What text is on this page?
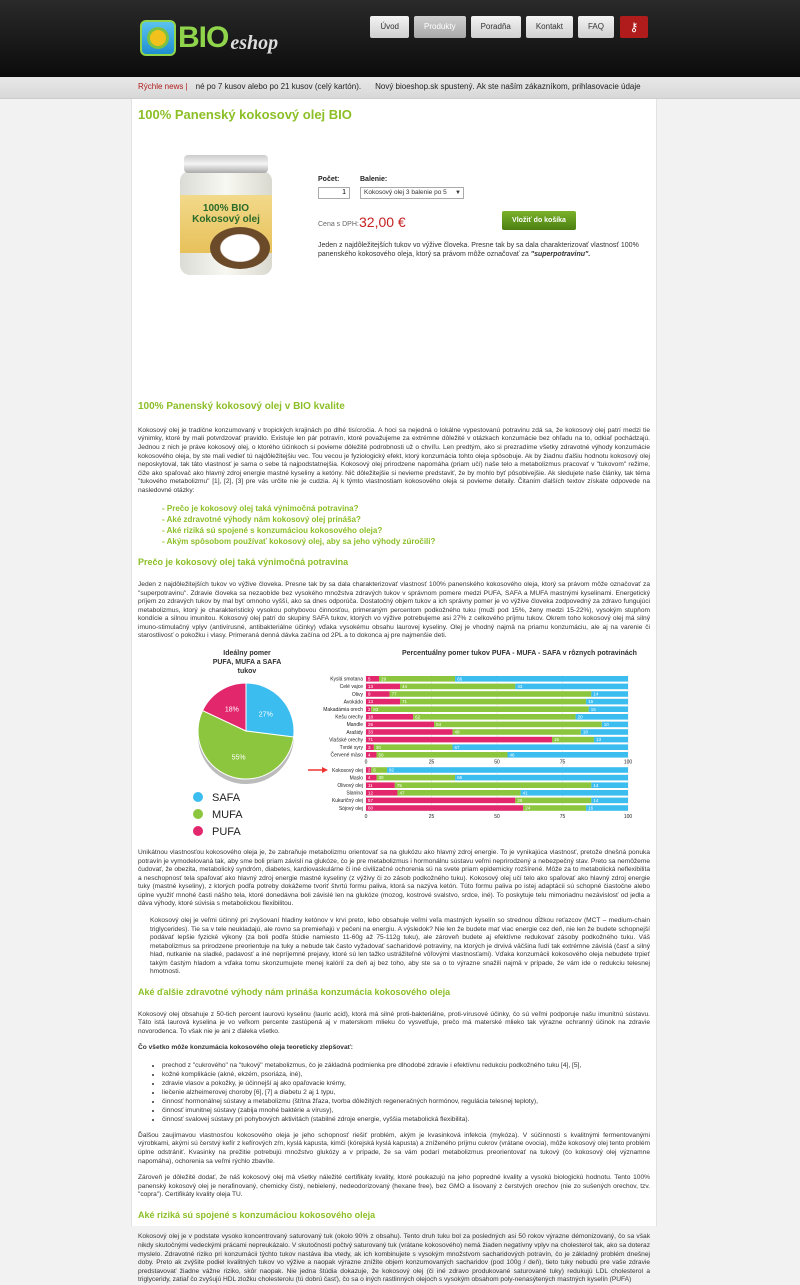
BIO eshop
Úvod	Produkty	Poradňa	Kontakt	FAQ	⚷
Rýchle news | né po 7 kusov alebo po 21 kusov (celý kartón). Nový bioeshop.sk spustený. Ak ste naším zákazníkom, prihlasovacie údaje
100% Panenský kokosový olej BIO
100% BIO Kokosový olej
Počet:
1	Balenie:
Kokosový olej 3 balenie po 5 ▼
Cena s DPH: 32,00 €	Vložiť do košíka

Jeden z najdôležitejších tukov vo výžive človeka. Presne tak by sa dala charakterizovať vlastnosť 100% panenského kokosového oleja, ktorý sa právom môže označovať za "superpotravinu".

100% Panenský kokosový olej v BIO kvalite

Kokosový olej je tradične konzumovaný v tropických krajinách po dlhé tisícročia. A hoci sa nejedná o lokálne vypestovanú potravinu zdá sa, že kokosový olej patrí medzi tie výnimky, ktoré by mali potvrdzovať pravidlo. Existuje len pár potravín, ktoré považujeme za extrémne dôležité v otázkach konzumácie bez ohľadu na to, odkiaľ pochádzajú. Jednou z nich je práve kokosový olej, o ktorého účinkoch si povieme dôležité podrobnosti už o chvíľu. Len predtým, ako si prezradíme všetky zdravotné výhody konzumácie kokosového oleja, by ste mali vedieť tú najdôležitejšiu vec. Tou vecou je fyziologický efekt, ktorý konzumácia tohto oleja spôsobuje. Ak by žiadnu ďalšiu hodnotu kokosový olej neposkytoval, tak táto vlastnosť je sama o sebe tá najpodstatnejšia. Kokosový olej prirodzene napomáha (priam učí) naše telo a metabolizmus pracovať v "tukovom" režime, čiže ako spaľovač ako hlavný zdroj energie mastné kyseliny a ketóny. Nič dôležitejšie si nevieme predstaviť, že by mohlo byť pôsobivejšie. Ak sledujete naše články, tak téma "tukového metabolizmu" [1], [2], [3] pre vás určite nie je cudzia. Aj k týmto vlastnostiam kokosového oleja si povieme detaily. Čitaním ďalších textov získate odpovede na nasledovné otázky:

- Prečo je kokosový olej taká výnimočná potravina?
- Aké zdravotné výhody nám kokosový olej prináša?
- Aké riziká sú spojené s konzumáciou kokosového oleja?
- Akým spôsobom používať kokosový olej, aby sa jeho výhody zúročili?
Prečo je kokosový olej taká výnimočná potravina

Jeden z najdôležitejších tukov vo výžive človeka. Presne tak by sa dala charakterizovať vlastnosť 100% panenského kokosového oleja, ktorý sa právom môže označovať za "superpotravinu". Zdravie človeka sa nezaobíde bez vysokého množstva zdravých tukov v správnom pomere medzi PUFA, SAFA a MUFA mastnými kyselinami. Energetický príjem zo zdravých tukov by mal byť omnoho vyšší, ako sa dnes odporúča. Dostatočný objem tukov a ich správny pomer je vo výžive človeka zodpovedný za zdravo fungujúci metabolizmus, ktorý je charakteristický vysokou pohybovou činnosťou, primeraným percentom podkožného tuku (muži pod 15%, ženy medzi 15-22%), vysokým stupňom kondície a silnou imunitou. Kokosový olej patrí do skupiny SAFA tukov, ktorých vo výžive potrebujeme asi 27% z celkového príjmu tukov. Okrem toho kokosový olej má silný imuno-stimulačný vplyv (antivírusné, antibakteriálne účinky) vďaka vysokému obsahu laurovej kyseliny. Olej je vhodný najmä na priamu konzumáciu, ale aj na varenie či starostlivosť o pokožku i vlasy. Primeraná denná dávka začína od 2PL a to dokonca aj pre najmenšie deti.

Ideálny pomer PUFA, MUFA a SAFA tukov
Percentuálny pomer tukov PUFA - MUFA - SAFA v rôznych potravinách
27%
55%
18%
SAFA
MUFA
PUFA
Kyslá smotana 5 29	66
Celé vajce 13	44	43
Olivy 9	77	14
Avokádo 13	71	16
Makadámia orech 2 83	15
Kešu orechy 18	62	20
Mandle 26	64	10
Arašidy 33	49	18
Vlašské orechy 71	16	13
Tvrdé syry 3 30	67
Červené mäso 4 50	46
Kokosový olej 2 6	92
Maslo 4 30	66
Olivový olej 11	75	14
Slanina 12	47	41
Kukuričný olej 57	29	14
Sójový olej 60	24	16
0	25	50	75	100
0	25	50	75	100

Unikátnou vlastnosťou kokosového oleja je, že zabraňuje metabolizmu orientovať sa na glukózu ako hlavný zdroj energie. To je vynikajúca vlastnosť, pretože dnešná ponuka potravín je vymodelovaná tak, aby sme boli priam závislí na glukóze, čo je pre metabolizmus i hormonálnu sústavu veľmi neprirodzený a nebezpečný stav. Preto sa nemôžeme čudovať, že obezita, metabolický syndróm, diabetes, kardiovaskulárne či iné civilizačné ochorenia sú na svete priam epidemicky rozšírené. Môže za to metabolická neflexibilita a neschopnosť tela spaľovať ako hlavný zdroj energie mastné kyseliny (z výživy či zo zásob podkožného tuku). Kokosový olej učí telo ako spaľovať ako hlavný zdroj energie tuky (mastné kyseliny), z ktorých podľa potreby dokážeme tvoriť štvrtú formu paliva, ktorá sa nazýva ketón. Túto formu paliva po istej adaptácii sú schopné čiastočne alebo úplne využiť mnohé časti nášho tela, ktoré donedávna boli závislé len na glukóze (mozog, kostrové svalstvo, srdce, iné). To poskytuje telu mimoriadnu nezávislosť od jedla a dáva výhody, ktoré súvisia s metabolickou flexibilitou.

Kokosový olej je veľmi účinný pri zvyšovaní hladiny ketónov v krvi preto, lebo obsahuje veľmi veľa mastných kyselín so strednou dĺžkou reťazcov (MCT – medium-chain triglycerides). Tie sa v tele neukladajú, ale rovno sa premieňajú v pečeni na energiu. A výsledok? Nie len že budete mať viac energie cez deň, nie len že budete schopnejší podávať lepšie fyzické výkony (za boli podľa štúdie namiesto 11-60g až 75-112g tuku), ale zároveň budete aj efektívne redukovať zásoby podkožného tuku. Váš metabolizmus sa prirodzene preorientuje na tuky a nebude tak často vyžadovať sacharidové potraviny, na ktorých je drvivá väčšina ľudí tak extrémne závislá (časť a silný hlad, nutkanie na sladké, padavosť a iné nepríjemné prejavy, ktoré sú len tažko ustrážiteľné vôľovými vlastnosťami). Vďaka konzumácii kokosového oleja nebudete trpieť takým častým hladom a vďaka tomu skonzumujete menej kalórií za deň aj bez toho, aby ste sa o to výrazne snažili najmä v prípade, že vám ide o redukciu telesnej hmotnosti.

Aké ďalšie zdravotné výhody nám prináša konzumácia kokosového oleja

Kokosový olej obsahuje z 50-tich percent laurovú kyselinu (lauric acid), ktorá má silné proti-bakteriálne, proti-vírusové účinky, čo sú veľmi podporuje našu imunitnú sústavu. Táto istá laurová kyselina je vo veľkom percente zastúpená aj v materskom mlieku čo vysvetľuje, prečo má materské mlieko tak výrazne ochranný účinok na zdravie novorodenca. To však nie je ani z ďaleka všetko.

Čo všetko môže konzumácia kokosového oleja teoreticky zlepšovať:

• prechod z "cukrového" na "tukový" metabolizmus, čo je základná podmienka pre dlhodobé zdravie i efektívnu redukciu podkožného tuku [4], [5],
• kožné komplikácie (akné, ekzém, psoriáza, iné),
• zdravie vlasov a pokožky, je účinnejší aj ako opaľovacie krémy,
• liečenie alzheimerovej choroby [6], [7] a diabetu 2 aj 1 typu,
• činnosť hormonálnej sústavy a metabolizmu (štítna žľaza, tvorba dôležitých regeneračných hormónov, regulácia telesnej teploty),
• činnosť imunitnej sústavy (zabija mnohé baktérie a vírusy),
• činnosť svalovej sústavy pri pohybových aktivitách (stabilné zdroje energie, vyššia metabolická flexibilita).

Ďalšou zaujímavou vlastnosťou kokosového oleja je jeho schopnosť riešiť problém, akým je kvasinková infekcia (mykóza). V súčinnosti s kvalitnými fermentovanými výrobkami, akými sú čerstvý kefír z kefírových zŕn, kyslá kapusta, kimči (kórejská kyslá kapusta) a zníženého príjmu cukrov (vrátane ovocia), môže kokosový olej tento problém úplne odstrániť. Kvasinky na prežitie potrebujú množstvo glukózy a v prípade, že sa vám podarí metabolizmus preorientovať na tukový (čo kokosový olej významne napomáha), ochorenia sa veľmi rýchlo zbavíte.

Zároveň je dôležité dodať, že náš kokosový olej má všetky náležité certifikáty kvality, ktoré poukazujú na jeho popredné kvality a vysokú biologickú hodnotu. Tento 100% panenský kokosový olej je nerafinovaný, chemicky čistý, nebielený, nedeodorizovaný (hexane free), bez GMO a lisovaný z čerstvých orechov (nie zo sušených orechov, tzv. "copra"). Certifikáty kvality oleja TU.

Aké riziká sú spojené s konzumáciou kokosového oleja

Kokosový olej je v podstate vysoko koncentrovaný saturovaný tuk (okolo 90% z obsahu). Tento druh tuku bol za posledných asi 50 rokov výrazne démonizovaný, čo sa však nikdy skutočnými vedeckými prácami nepreukázalo. V skutočnosti počtvý saturovaný tuk (vrátane kokosového) nemá žiaden negatívny vplyv na cholesterol tak, ako sa doteraz myslelo. Zdravotné riziko pri konzumácii týchto tukov nastáva iba vtedy, ak ich kombinujete s vysokým množstvom sacharidových potravín, čo je základný problém dnešnej doby. Preto ak zvýšite podiel kvalitných tukov vo výžive a naopak výrazne znížite objem konzumovaných sacharidov (pod 100g / deň), tieto tuky nebudú pre vaše zdravie predstavovať žiadne vážne riziko, skôr naopak. Nie jedna štúdia dokazuje, že kokosový olej (či iné zdravo produkované saturované tuky) redukujú LDL cholesterol a triglyceridy, zatiaľ čo zvyšujú HDL zložku cholesterolu (tú dobrú časť), čo sa o iných rastlinných olejoch s vysokým obsahom poly-nenasýtených mastných kyselín (PUFA)
